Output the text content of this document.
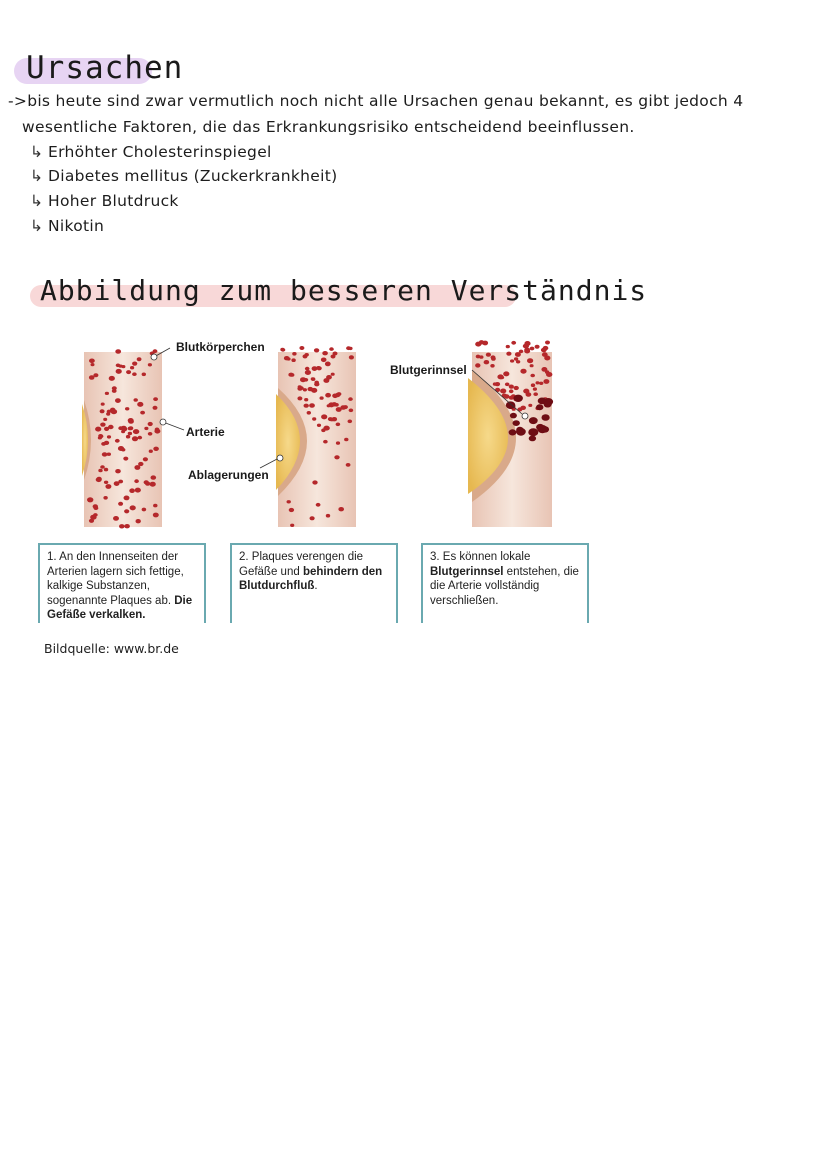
Ursachen
->bis heute sind zwar vermutlich noch nicht alle Ursachen genau bekannt, es gibt jedoch 4
wesentliche Faktoren, die das Erkrankungsrisiko entscheidend beeinflussen.
↳ Erhöhter Cholesterinspiegel
↳ Diabetes mellitus (Zuckerkrankheit)
↳ Hoher Blutdruck
↳ Nikotin
Abbildung zum besseren Verständnis
Blutkörperchen
Arterie
Ablagerungen
Blutgerinnsel
1. An den Innenseiten der Arterien lagern sich fettige, kalkige Substanzen, sogenannte Plaques ab. Die Gefäße verkalken.
2. Plaques verengen die Gefäße und behindern den Blutdurchfluß.
3. Es können lokale Blutgerinnsel entstehen, die die Arterie vollständig verschließen.
Bildquelle: www.br.de
